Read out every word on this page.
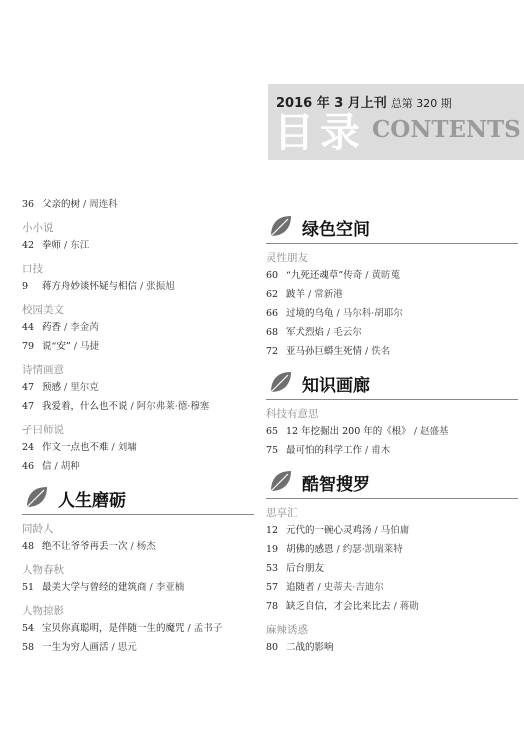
2016 年 3 月上刊 总第 320 期
目录 CONTENTS
36 父亲的树 / 周连科
小小说
42 拳师 / 东江
口技
9 蒋方舟妙谈怀疑与相信 / 张振旭
校园美文
44 药香 / 李金芮
79 说“安” / 马捷
诗情画意
47 预感 / 里尔克
47 我爱着，什么也不说 / 阿尔弗莱·德·穆塞
孑曰师说
24 作文一点也不难 / 刘墉
46 信 / 胡种
人生磨砺
同龄人
48 绝不让爷爷再丢一次 / 杨杰
人物春秋
51 最美大学与曾经的建筑商 / 李亚楠
人物掠影
54 宝贝你真聪明，是伴随一生的魔咒 / 孟书子
58 一生为穷人画活 / 思元
绿色空间
灵性朋友
60 “九死还魂草”传奇 / 黄昉蒐
62 跛羊 / 常新港
66 过境的乌龟 / 马尔科·胡耶尔
68 军犬烈焰 / 毛云尔
72 亚马孙巨蟒生死情 / 佚名
知识画廊
科技有意思
65 12 年挖掘出 200 年的《根》 / 赵盛基
75 最可怕的科学工作 / 甫木
酷智搜罗
思享汇
12 元代的一碗心灵鸡汤 / 马伯庸
19 胡佛的感恩 / 约瑟·凯瑞莱特
53 后台朋友
57 追随者 / 史蒂夫·吉迪尔
78 缺乏自信，才会比来比去 / 蒋勋
麻辣诱惑
80 二战的影响
